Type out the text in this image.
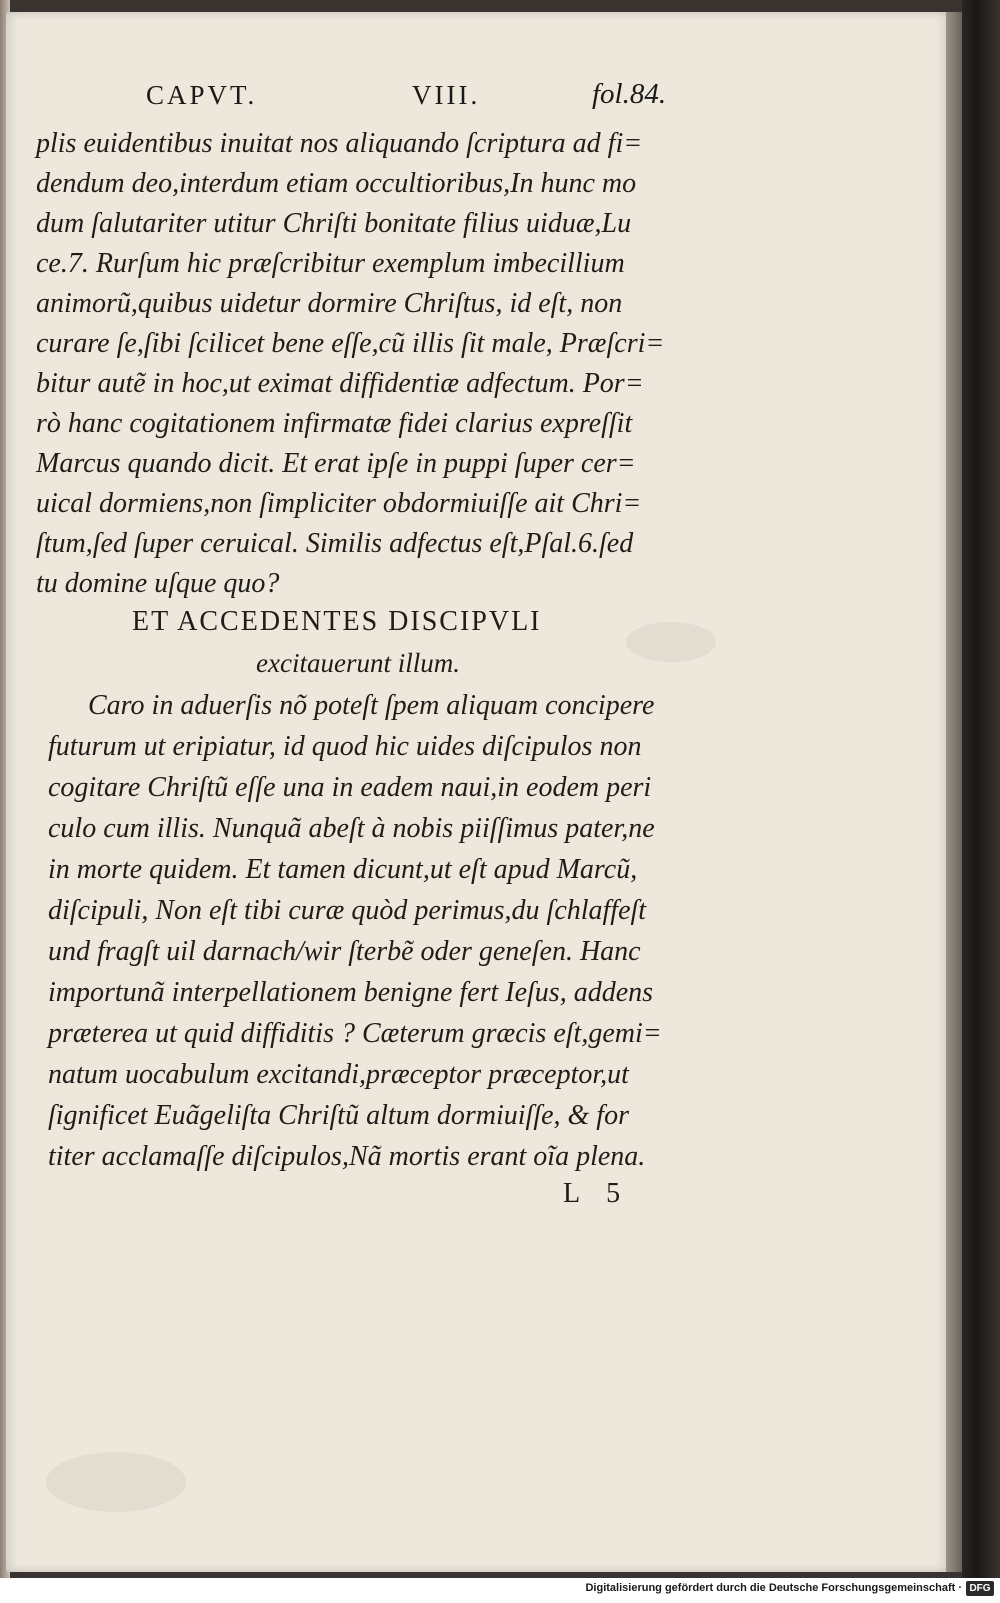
CAPVT.	VIII.	fol.84.
plis euidentibus inuitat nos aliquando ſcriptura ad fi=
dendum deo,interdum etiam occultioribus,In hunc mo
dum ſalutariter utitur Chriſti bonitate filius uiduæ,Lu
ce.7. Rurſum hic præſcribitur exemplum imbecillium
animorũ,quibus uidetur dormire Chriſtus, id eſt, non
curare ſe,ſibi ſcilicet bene eſſe,cũ illis ſit male, Præſcri=
bitur autẽ in hoc,ut eximat diffidentiæ adfectum. Por=
rò hanc cogitationem infirmatæ fidei clarius expreſſit
Marcus quando dicit. Et erat ipſe in puppi ſuper cer=
uical dormiens,non ſimpliciter obdormiuiſſe ait Chri=
ſtum,ſed ſuper ceruical. Similis adfectus eſt,Pſal.6.ſed
tu domine uſque quo?
ET ACCEDENTES DISCIPVLI
excitauerunt illum.
Caro in aduerſis nõ poteſt ſpem aliquam concipere
futurum ut eripiatur, id quod hic uides diſcipulos non
cogitare Chriſtũ eſſe una in eadem naui,in eodem peri
culo cum illis. Nunquã abeſt à nobis piiſſimus pater,ne
in morte quidem. Et tamen dicunt,ut eſt apud Marcũ,
diſcipuli, Non eſt tibi curæ quòd perimus,du ſchlaffeſt
und fragſt uil darnach/wir ſterbẽ oder geneſen. Hanc
importunã interpellationem benigne fert Ieſus, addens
præterea ut quid diffiditis ? Cæterum græcis eſt,gemi=
natum uocabulum excitandi,præceptor præceptor,ut
ſignificet Euãgeliſta Chriſtũ altum dormiuiſſe, & for
titer acclamaſſe diſcipulos,Nã mortis erant oĩa plena.
L 5
Digitalisierung gefördert durch die Deutsche Forschungsgemeinschaft · DFG
